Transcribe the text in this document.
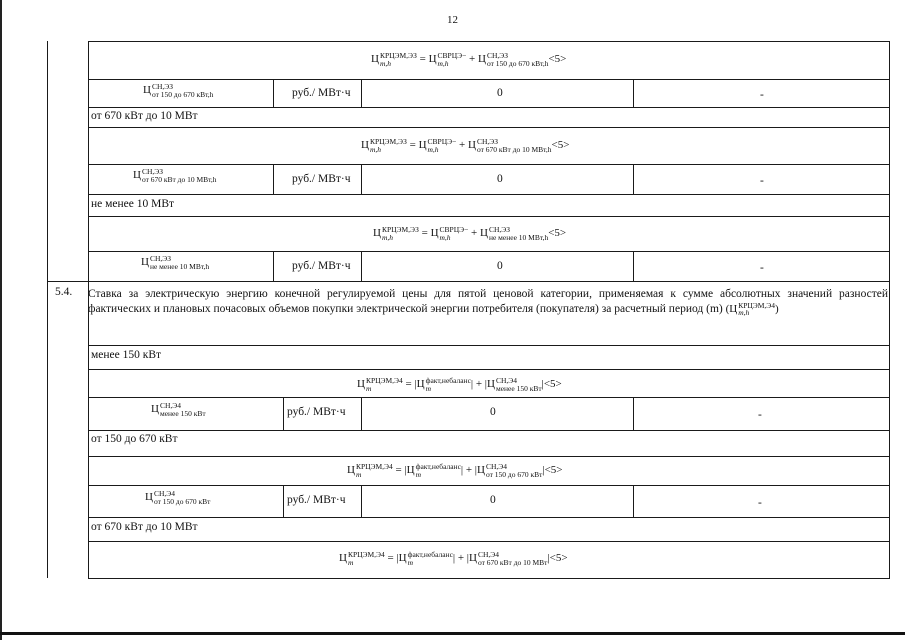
12
Ц КРЦЭМ,ЭЗ
m,h	= Ц СВРЦЭ−
m,h	+ Ц СН,ЭЗ
от 150 до 670 кВт,h <5>
Ц СН,ЭЗ
от 150 до 670 кВт,h	руб./ МВт·ч	0	-
от 670 кВт до 10 МВт
Ц КРЦЭМ,ЭЗ
m,h	= Ц СВРЦЭ−
m,h	+ Ц СН,ЭЗ
от 670 кВт до 10 МВт,h <5>
Ц СН,ЭЗ
от 670 кВт до 10 МВт,h	руб./ МВт·ч	0	-
не менее 10 МВт
Ц КРЦЭМ,ЭЗ
m,h	= Ц СВРЦЭ−
m,h	+ Ц СН,ЭЗ
не менее 10 МВт,h <5>
Ц СН,ЭЗ
не менее 10 МВт,h	руб./ МВт·ч	0	-
5.4. Ставка за электрическую энергию конечной регулируемой цены для пятой ценовой категории, применяемая к сумме абсолютных значений разностей фактических и плановых почасовых объемов покупки электрической энергии потребителя (покупателя) за расчетный период (m) (Ц КРЦЭМ,Э4
m,h	)
менее 150 кВт
Ц КРЦЭМ,Э4
m	= |Ц факт,небаланс
m	| + |Ц СН,Э4
менее 150 кВт |<5>
Ц СН,Э4
менее 150 кВт	руб./ МВт·ч	0	-
от 150 до 670 кВт
Ц КРЦЭМ,Э4
m	= |Ц факт,небаланс
m	| + |Ц СН,Э4
от 150 до 670 кВт |<5>
Ц СН,Э4
от 150 до 670 кВт	руб./ МВт·ч	0	-
от 670 кВт до 10 МВт
Ц КРЦЭМ,Э4
m	= |Ц факт,небаланс
m	| + |Ц СН,Э4
от 670 кВт до 10 МВт |<5>
